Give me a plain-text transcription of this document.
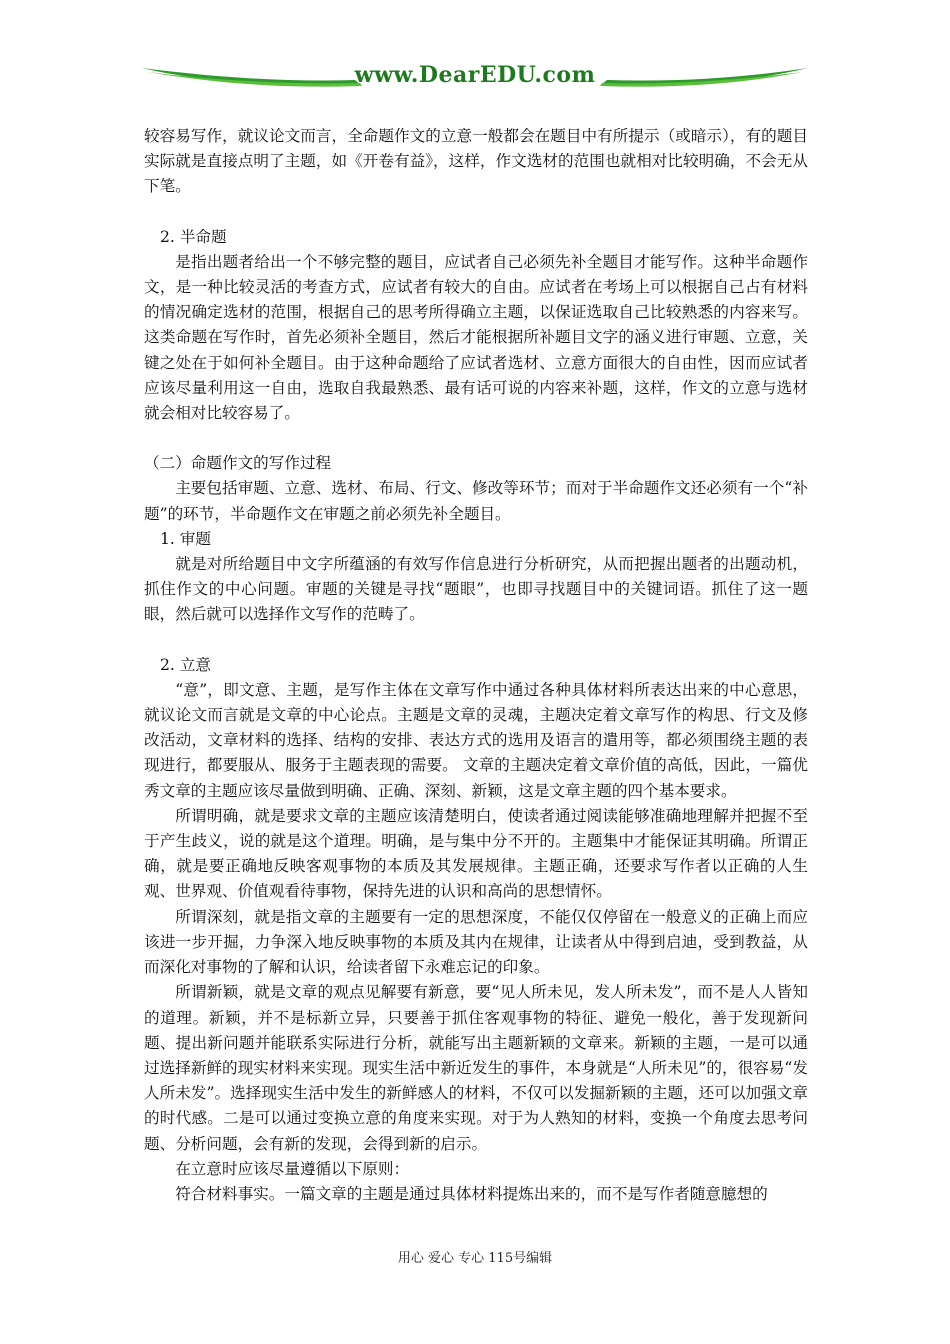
www.DearEDU.com

较容易写作，就议论文而言，全命题作文的立意一般都会在题目中有所提示（或暗示），有的题目实际就是直接点明了主题，如《开卷有益》，这样，作文选材的范围也就相对比较明确，不会无从下笔。

2. 半命题

是指出题者给出一个不够完整的题目，应试者自己必须先补全题目才能写作。这种半命题作文，是一种比较灵活的考查方式，应试者有较大的自由。应试者在考场上可以根据自己占有材料的情况确定选材的范围，根据自己的思考所得确立主题，以保证选取自己比较熟悉的内容来写。这类命题在写作时，首先必须补全题目，然后才能根据所补题目文字的涵义进行审题、立意，关键之处在于如何补全题目。由于这种命题给了应试者选材、立意方面很大的自由性，因而应试者应该尽量利用这一自由，选取自我最熟悉、最有话可说的内容来补题，这样，作文的立意与选材就会相对比较容易了。

（二）命题作文的写作过程

主要包括审题、立意、选材、布局、行文、修改等环节；而对于半命题作文还必须有一个“补题”的环节，半命题作文在审题之前必须先补全题目。

1. 审题

就是对所给题目中文字所蕴涵的有效写作信息进行分析研究，从而把握出题者的出题动机，抓住作文的中心问题。审题的关键是寻找“题眼”，也即寻找题目中的关键词语。抓住了这一题眼，然后就可以选择作文写作的范畴了。

2. 立意

“意”，即文意、主题，是写作主体在文章写作中通过各种具体材料所表达出来的中心意思，就议论文而言就是文章的中心论点。主题是文章的灵魂，主题决定着文章写作的构思、行文及修改活动，文章材料的选择、结构的安排、表达方式的选用及语言的遣用等，都必须围绕主题的表现进行，都要服从、服务于主题表现的需要。 文章的主题决定着文章价值的高低，因此，一篇优秀文章的主题应该尽量做到明确、正确、深刻、新颖，这是文章主题的四个基本要求。

所谓明确，就是要求文章的主题应该清楚明白，使读者通过阅读能够准确地理解并把握不至于产生歧义，说的就是这个道理。明确，是与集中分不开的。主题集中才能保证其明确。所谓正确，就是要正确地反映客观事物的本质及其发展规律。主题正确，还要求写作者以正确的人生观、世界观、价值观看待事物，保持先进的认识和高尚的思想情怀。

所谓深刻，就是指文章的主题要有一定的思想深度，不能仅仅停留在一般意义的正确上而应该进一步开掘，力争深入地反映事物的本质及其内在规律，让读者从中得到启迪，受到教益，从而深化对事物的了解和认识，给读者留下永难忘记的印象。

所谓新颖，就是文章的观点见解要有新意，要“见人所未见，发人所未发”，而不是人人皆知的道理。新颖，并不是标新立异，只要善于抓住客观事物的特征、避免一般化，善于发现新问题、提出新问题并能联系实际进行分析，就能写出主题新颖的文章来。新颖的主题，一是可以通过选择新鲜的现实材料来实现。现实生活中新近发生的事件，本身就是“人所未见”的，很容易“发人所未发”。选择现实生活中发生的新鲜感人的材料，不仅可以发掘新颖的主题，还可以加强文章的时代感。二是可以通过变换立意的角度来实现。对于为人熟知的材料，变换一个角度去思考问题、分析问题，会有新的发现，会得到新的启示。

在立意时应该尽量遵循以下原则：

符合材料事实。一篇文章的主题是通过具体材料提炼出来的，而不是写作者随意臆想的

用心 爱心 专心 115号编辑
